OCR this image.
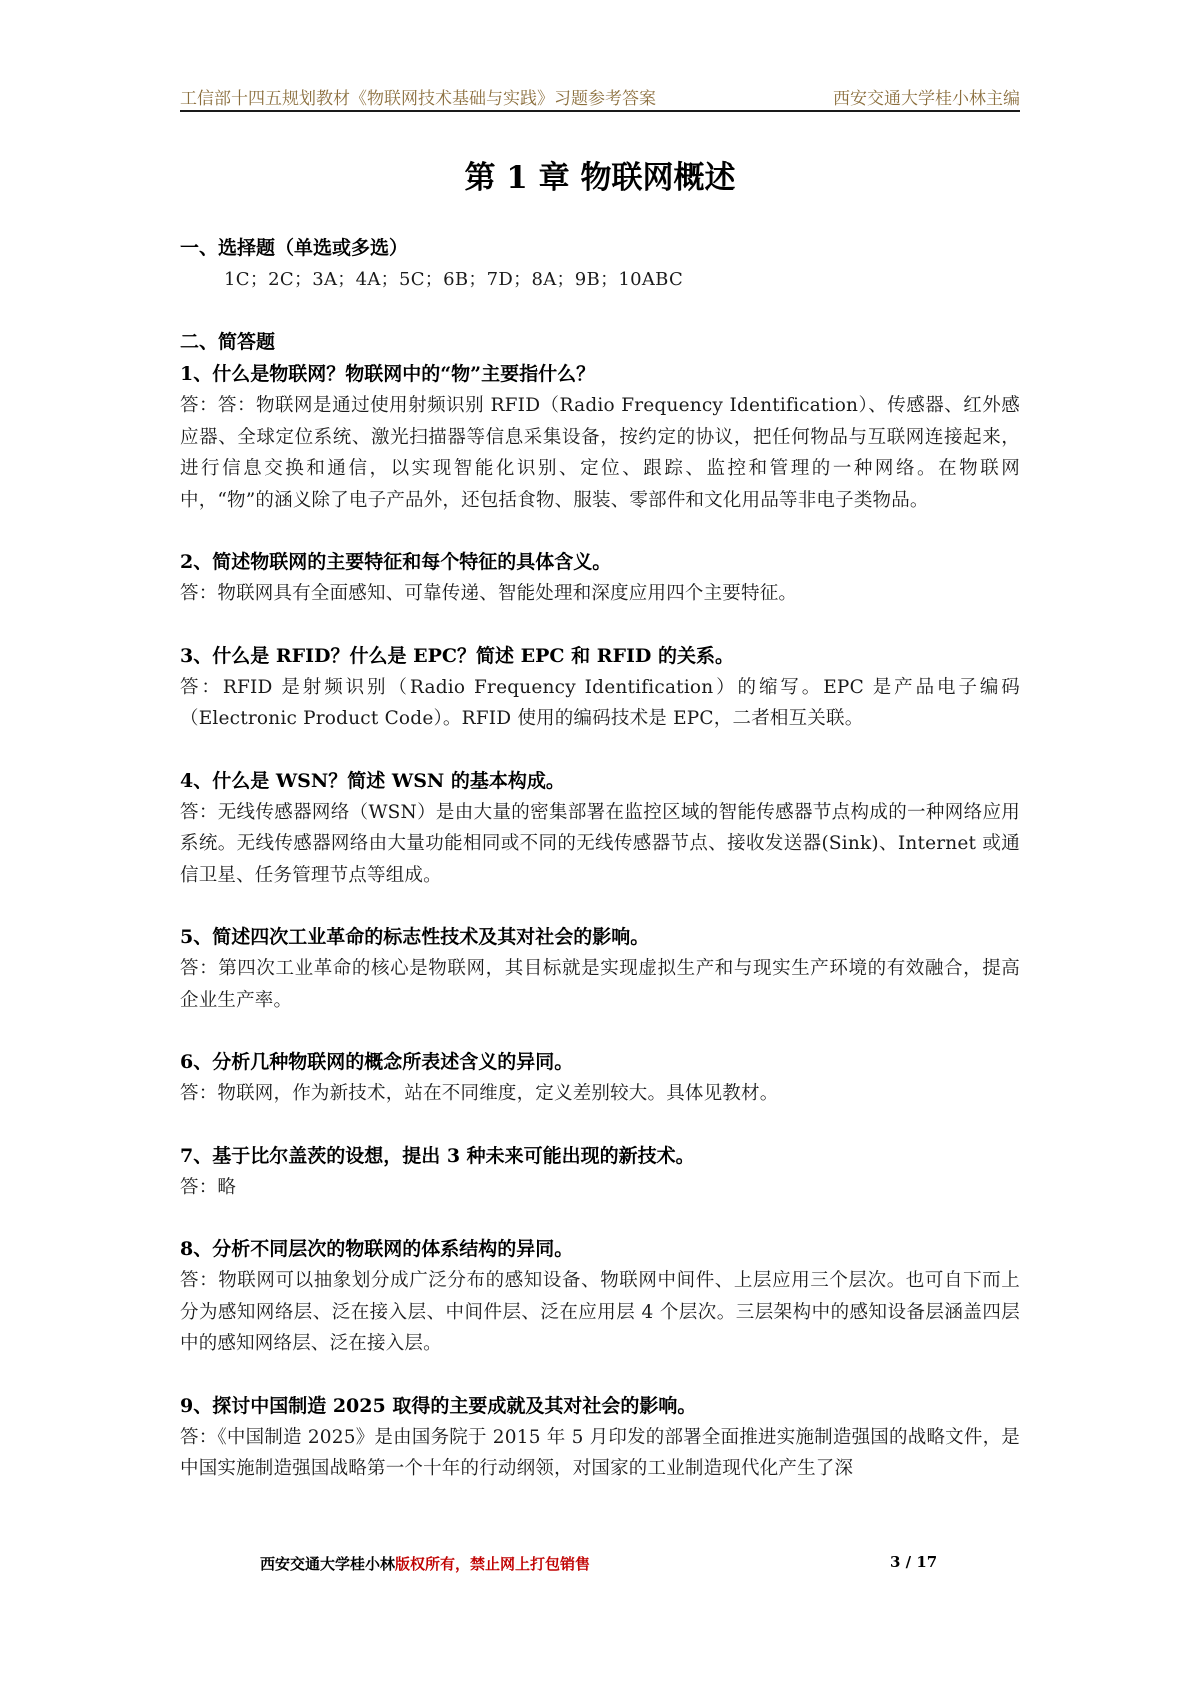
工信部十四五规划教材《物联网技术基础与实践》习题参考答案	西安交通大学桂小林主编
第 1 章 物联网概述
一、选择题（单选或多选）
1C；2C；3A；4A；5C；6B；7D；8A；9B；10ABC
二、简答题
1、什么是物联网？物联网中的“物”主要指什么？
答：答：物联网是通过使用射频识别 RFID（Radio Frequency Identification）、传感器、红外感应器、全球定位系统、激光扫描器等信息采集设备，按约定的协议，把任何物品与互联网连接起来，进行信息交换和通信，以实现智能化识别、定位、跟踪、监控和管理的一种网络。在物联网中，“物”的涵义除了电子产品外，还包括食物、服装、零部件和文化用品等非电子类物品。
2、简述物联网的主要特征和每个特征的具体含义。
答：物联网具有全面感知、可靠传递、智能处理和深度应用四个主要特征。
3、什么是 RFID？什么是 EPC？简述 EPC 和 RFID 的关系。
答：RFID 是射频识别（Radio Frequency Identification）的缩写。EPC 是产品电子编码（Electronic Product Code）。RFID 使用的编码技术是 EPC，二者相互关联。
4、什么是 WSN？简述 WSN 的基本构成。
答：无线传感器网络（WSN）是由大量的密集部署在监控区域的智能传感器节点构成的一种网络应用系统。无线传感器网络由大量功能相同或不同的无线传感器节点、接收发送器(Sink)、Internet 或通信卫星、任务管理节点等组成。
5、简述四次工业革命的标志性技术及其对社会的影响。
答：第四次工业革命的核心是物联网，其目标就是实现虚拟生产和与现实生产环境的有效融合，提高企业生产率。
6、分析几种物联网的概念所表述含义的异同。
答：物联网，作为新技术，站在不同维度，定义差别较大。具体见教材。
7、基于比尔盖茨的设想，提出 3 种未来可能出现的新技术。
答：略
8、分析不同层次的物联网的体系结构的异同。
答：物联网可以抽象划分成广泛分布的感知设备、物联网中间件、上层应用三个层次。也可自下而上分为感知网络层、泛在接入层、中间件层、泛在应用层 4 个层次。三层架构中的感知设备层涵盖四层中的感知网络层、泛在接入层。
9、探讨中国制造 2025 取得的主要成就及其对社会的影响。
答：《中国制造 2025》是由国务院于 2015 年 5 月印发的部署全面推进实施制造强国的战略文件，是中国实施制造强国战略第一个十年的行动纲领，对国家的工业制造现代化产生了深
西安交通大学桂小林版权所有，禁止网上打包销售	3 / 17
